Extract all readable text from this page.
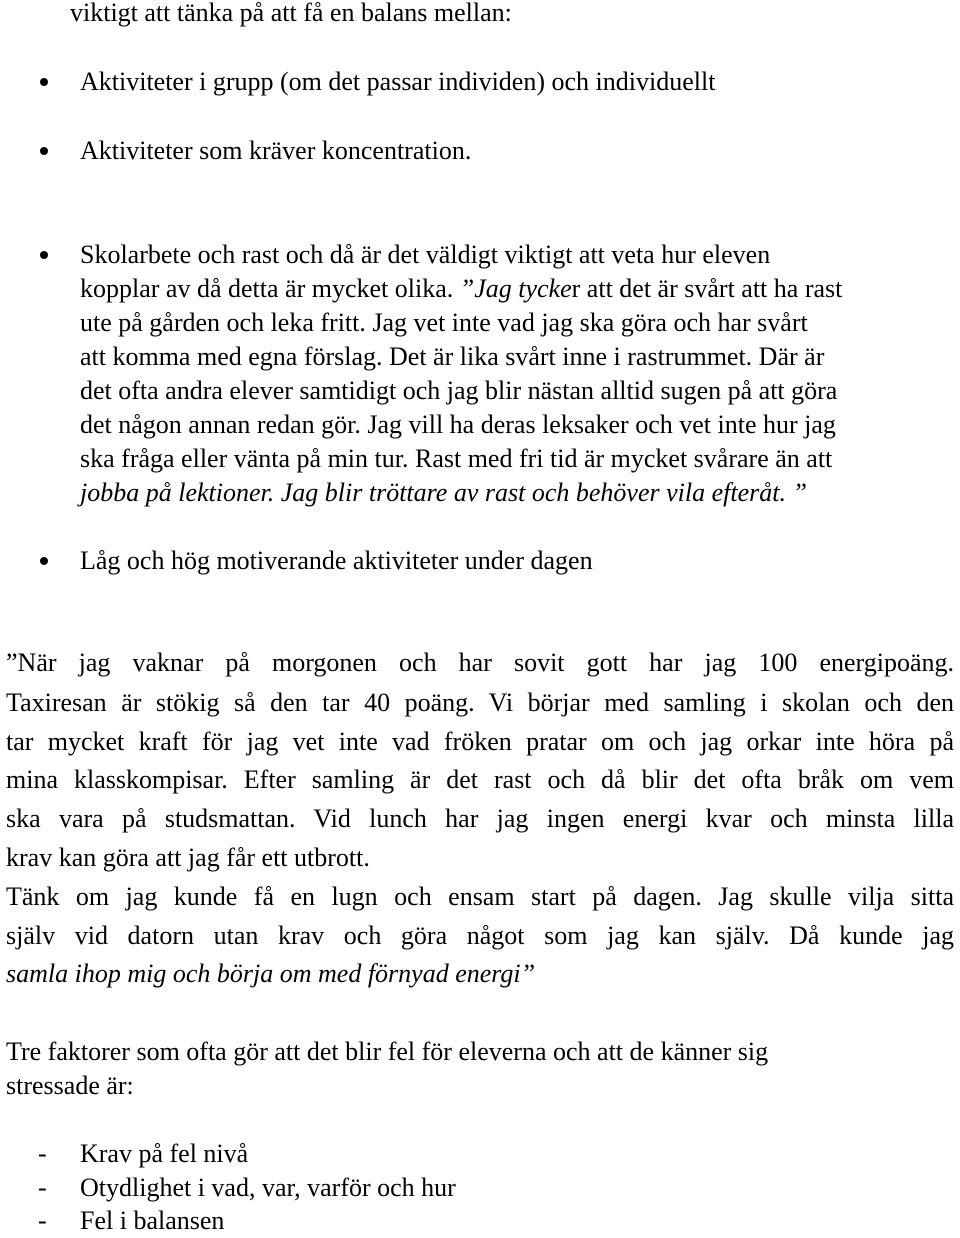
viktigt att tänka på att få en balans mellan:
Aktiviteter i grupp (om det passar individen) och individuellt
Aktiviteter som kräver koncentration.
Skolarbete och rast och då är det väldigt viktigt att veta hur eleven
kopplar av då detta är mycket olika. ”Jag tycker att det är svårt att ha rast
ute på gården och leka fritt. Jag vet inte vad jag ska göra och har svårt
att komma med egna förslag. Det är lika svårt inne i rastrummet. Där är
det ofta andra elever samtidigt och jag blir nästan alltid sugen på att göra
det någon annan redan gör. Jag vill ha deras leksaker och vet inte hur jag
ska fråga eller vänta på min tur. Rast med fri tid är mycket svårare än att
jobba på lektioner. Jag blir tröttare av rast och behöver vila efteråt. ”
Låg och hög motiverande aktiviteter under dagen
”När jag vaknar på morgonen och har sovit gott har jag 100 energipoäng.
Taxiresan är stökig så den tar 40 poäng. Vi börjar med samling i skolan och den
tar mycket kraft för jag vet inte vad fröken pratar om och jag orkar inte höra på
mina klasskompisar. Efter samling är det rast och då blir det ofta bråk om vem
ska vara på studsmattan. Vid lunch har jag ingen energi kvar och minsta lilla
krav kan göra att jag får ett utbrott.
Tänk om jag kunde få en lugn och ensam start på dagen. Jag skulle vilja sitta
själv vid datorn utan krav och göra något som jag kan själv. Då kunde jag
samla ihop mig och börja om med förnyad energi”
Tre faktorer som ofta gör att det blir fel för eleverna och att de känner sig
stressade är:
- Krav på fel nivå
- Otydlighet i vad, var, varför och hur
- Fel i balansen
